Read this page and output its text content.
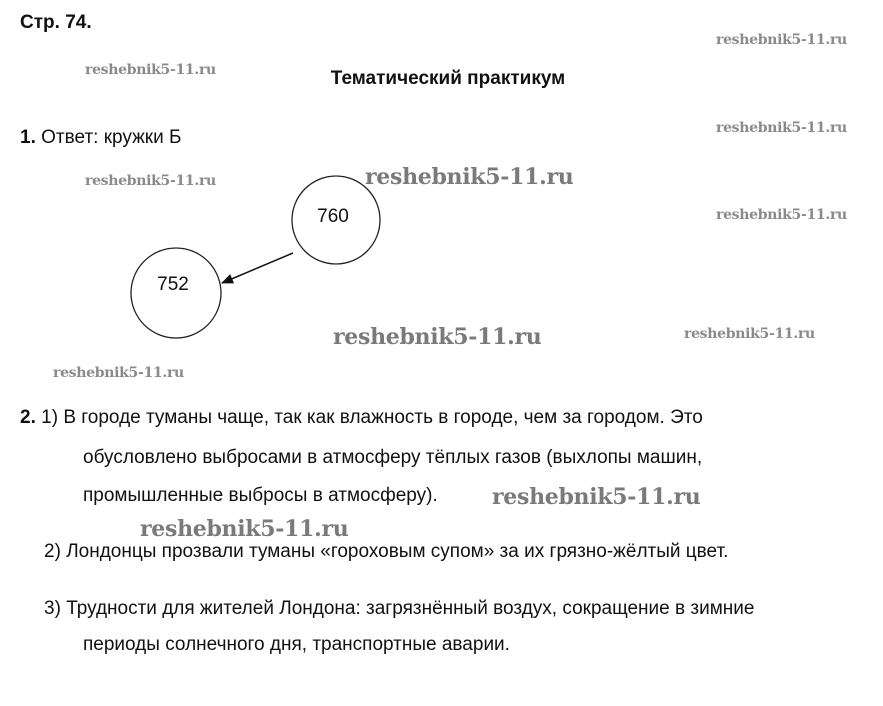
Стр. 74.
Тематический практикум
1. Ответ: кружки Б
760
752
2. 1) В городе туманы чаще, так как влажность в городе, чем за городом. Это
обусловлено выбросами в атмосферу тёплых газов (выхлопы машин,
промышленные выбросы в атмосферу).
2) Лондонцы прозвали туманы «гороховым супом» за их грязно-жёлтый цвет.
3) Трудности для жителей Лондона: загрязнённый воздух, сокращение в зимние
периоды солнечного дня, транспортные аварии.
reshebnik5-11.ru
reshebnik5-11.ru
reshebnik5-11.ru
reshebnik5-11.ru	reshebnik5-11.ru
reshebnik5-11.ru
reshebnik5-11.ru	reshebnik5-11.ru
reshebnik5-11.ru
reshebnik5-11.ru
reshebnik5-11.ru
